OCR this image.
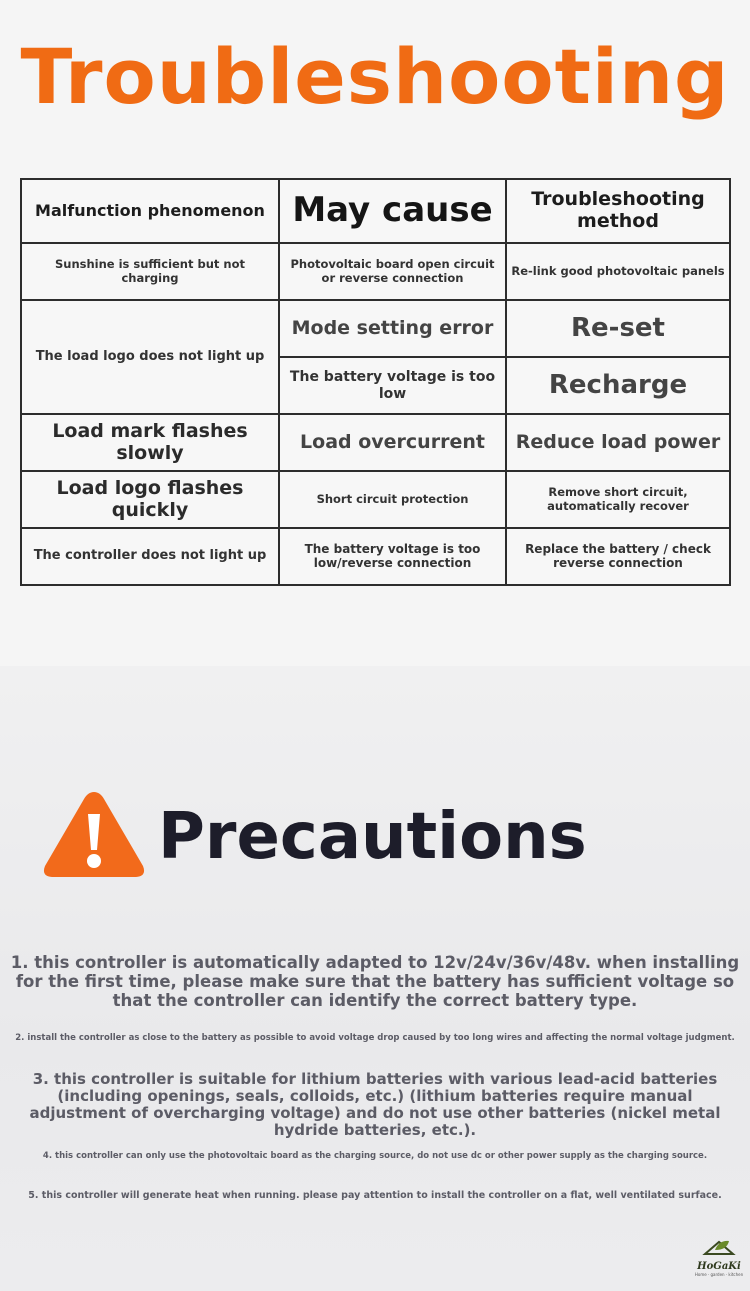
Troubleshooting
Malfunction phenomenon	May cause	Troubleshooting method
Sunshine is sufficient but not charging	Photovoltaic board open circuit or reverse connection	Re-link good photovoltaic panels
The load logo does not light up	Mode setting error	Re-set
	The battery voltage is too low	Recharge
Load mark flashes slowly	Load overcurrent	Reduce load power
Load logo flashes quickly	Short circuit protection	Remove short circuit, automatically recover
The controller does not light up	The battery voltage is too low/reverse connection	Replace the battery / check reverse connection
Precautions
1. this controller is automatically adapted to 12v/24v/36v/48v. when installing for the first time, please make sure that the battery has sufficient voltage so that the controller can identify the correct battery type.
2. install the controller as close to the battery as possible to avoid voltage drop caused by too long wires and affecting the normal voltage judgment.
3. this controller is suitable for lithium batteries with various lead-acid batteries (including openings, seals, colloids, etc.) (lithium batteries require manual adjustment of overcharging voltage) and do not use other batteries (nickel metal hydride batteries, etc.).
4. this controller can only use the photovoltaic board as the charging source, do not use dc or other power supply as the charging source.
5. this controller will generate heat when running. please pay attention to install the controller on a flat, well ventilated surface.
HoGaKi
Home · garden · kitchen
